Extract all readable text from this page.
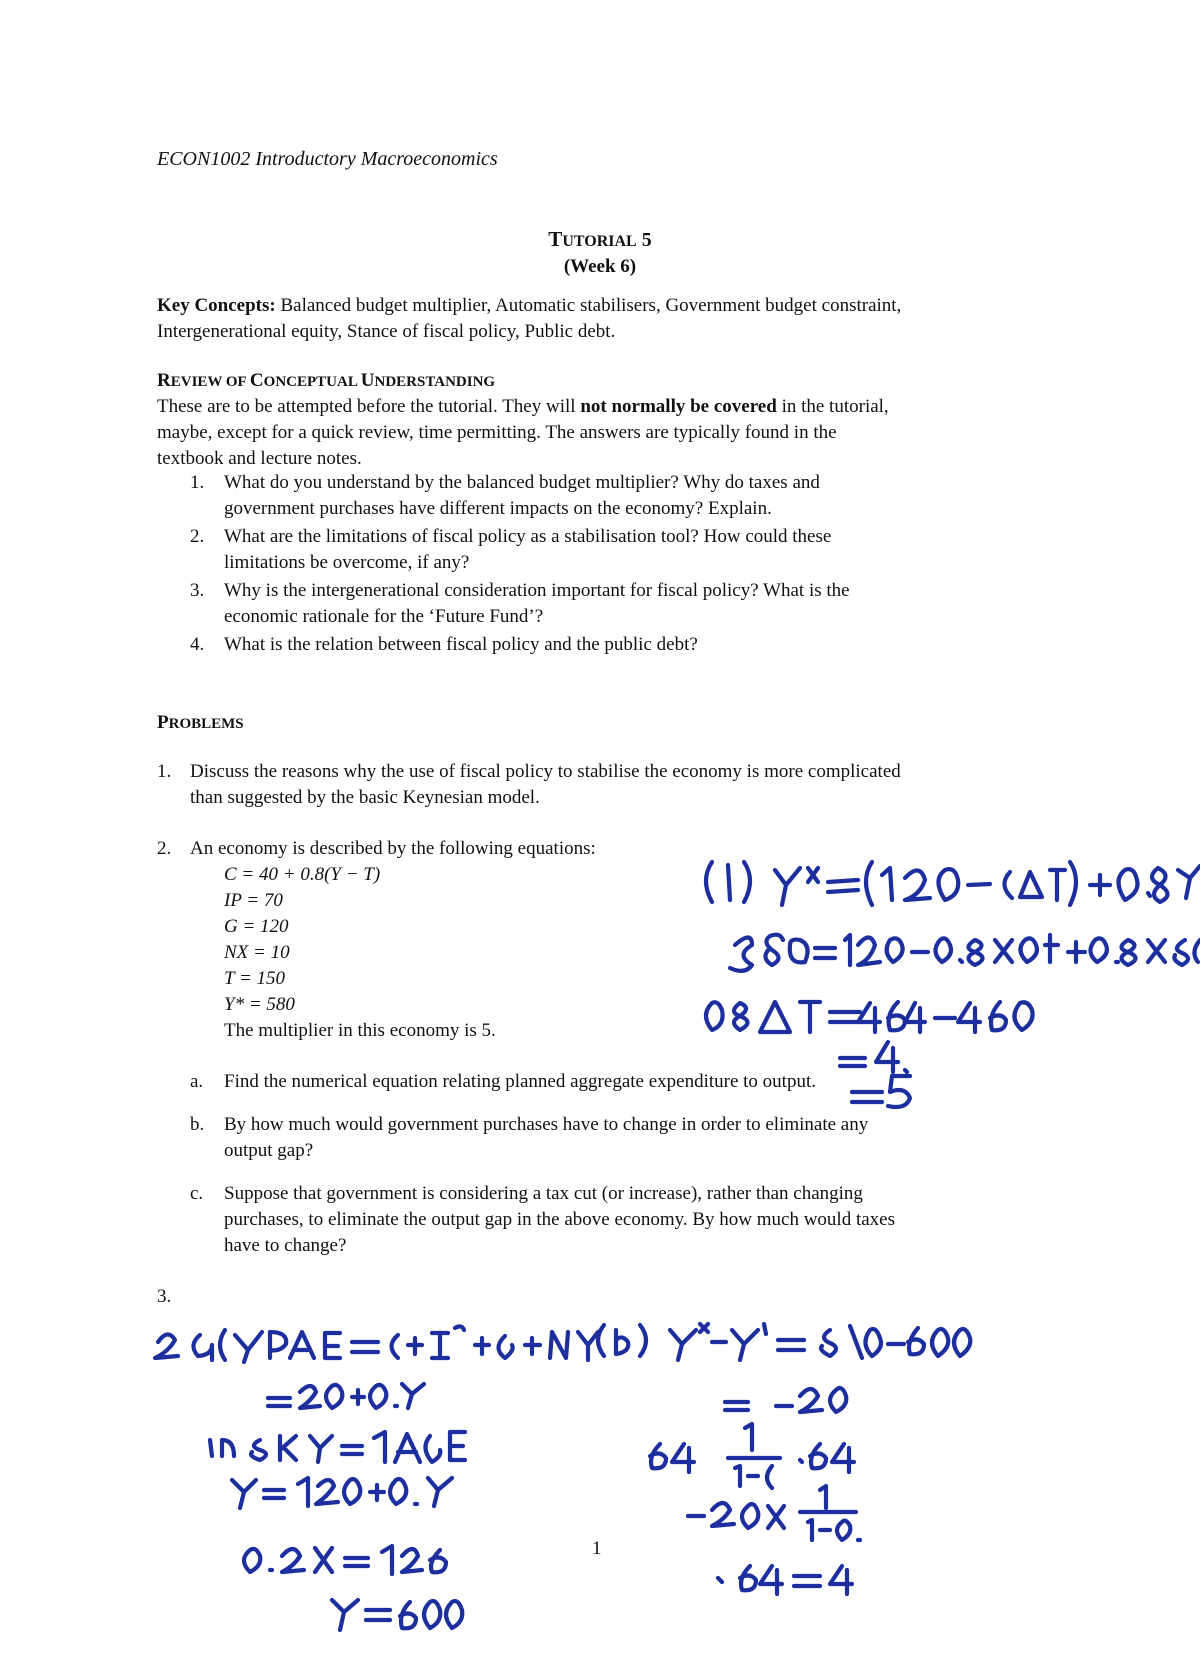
ECON1002 Introductory Macroeconomics
TUTORIAL 5
(Week 6)
Key Concepts: Balanced budget multiplier, Automatic stabilisers, Government budget constraint,
Intergenerational equity, Stance of fiscal policy, Public debt.
REVIEW OF CONCEPTUAL UNDERSTANDING
These are to be attempted before the tutorial. They will not normally be covered in the tutorial,
maybe, except for a quick review, time permitting. The answers are typically found in the
textbook and lecture notes.
1. What do you understand by the balanced budget multiplier? Why do taxes and
government purchases have different impacts on the economy? Explain.
2. What are the limitations of fiscal policy as a stabilisation tool? How could these
limitations be overcome, if any?
3. Why is the intergenerational consideration important for fiscal policy? What is the
economic rationale for the ‘Future Fund’?
4. What is the relation between fiscal policy and the public debt?
PROBLEMS
1. Discuss the reasons why the use of fiscal policy to stabilise the economy is more complicated
than suggested by the basic Keynesian model.
2. An economy is described by the following equations:
C = 40 + 0.8(Y − T)
IP = 70
G = 120
NX = 10
T = 150
Y* = 580
The multiplier in this economy is 5.
a. Find the numerical equation relating planned aggregate expenditure to output.
b. By how much would government purchases have to change in order to eliminate any
output gap?
c. Suppose that government is considering a tax cut (or increase), rather than changing
purchases, to eliminate the output gap in the above economy. By how much would taxes
have to change?
3.
1
